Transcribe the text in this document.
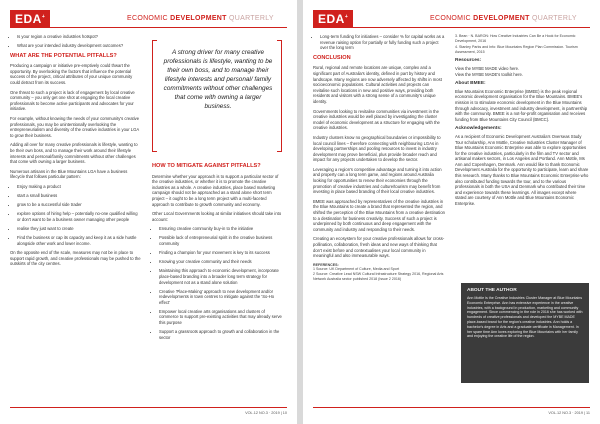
EDA+	ECONOMIC DEVELOPMENT QUARTERLY
• Is your region a creative industries hotspot?
• What are your intended industry development outcomes?
WHAT ARE THE POTENTIAL PITFALLS?

Producing a campaign or initiative pre-emptively could thwart the opportunity. By overlooking the factors that influence the potential success of the project, critical attributes of your unique community could detract from its success.

One threat to such a project is lack of engagement by local creative community – you only get one shot at engaging the local creative professionals to become active participants and advocates for your initiative.

For example, without knowing the needs of your community's creative professionals, you may be unintentionally overlooking the entrepreneurialism and diversity of the creative industries in your LGA to grow their business.

Adding all over for many creative professionals is lifestyle, wanting to be their own boss, and to manage their work around their lifestyle interests and personal/family commitments without other challenges that come with owning a larger business.

Numerous artisans in the Blue Mountains LGA have a business lifecycle that follows particular pattern:

• Enjoy making a product
• start a small business
• grow to be a successful side trader
• explore options of hiring help – potentially no-one qualified willing or don't want to be a business owner managing other people
• realise they just want to create
• Find the business or cap its capacity and keep it as a side hustle alongside other work and lower income.

On the opposite end of the scale, measures may not be in place to support rapid growth, and creative professionals may be pushed to the outskirts of the city centres.

A strong driver for many creative professionals is lifestyle, wanting to be their own boss, and to manage their lifestyle interests and personal/ family commitments without other challenges that come with owning a larger business.
HOW TO MITIGATE AGAINST PITFALLS?

Determine whether your approach is to support a particular sector of the creative industries, or whether it is to promote the creative industries as a whole. A creative industries, place based marketing campaign should not be approached as a stand alone short term project – it ought to be a long term project with a multi-faceted approach to contribute to growth community and economy.

Other Local Governments looking at similar initiatives should take into account:

• Ensuring creative community buy-in to the initiative
• Possible lack of entrepreneurial spirit in the creative business community
• Finding a champion for your movement is key to its success
• Knowing your creative community and their needs
• Maintaining this approach to economic development, incorporate place-based branding into a broader long term strategy for development not as a stand alone solution
• Creative 'Place-Making' approach to new development and/or redevelopments in town centres to mitigate against the 'So-Ho effect'
• Empower local creative arts organisations and clusters of commerce to support pre-existing activities that may already serve this purpose
• Support a grassroots approach to growth and collaboration in the sector
VOL.12 NO.3 · 2019 | 10
EDA+	ECONOMIC DEVELOPMENT QUARTERLY
• Long-term funding for initiatives – consider % for capital works as a revenue raising option for partially or fully funding such a project over the long term
CONCLUSION

Rural, regional and remote locations are unique, complex and a significant part of Australia's identity, defined in part by history and landscape. Many regions are now adversely affected by shifts in most socioeconomic populations. Cultural activities and projects can revitalise such locations in new and positive ways, providing both residents and visitors with a strong sense of a community's unique identity.

Governments looking to revitalise communities via investment in the creative industries would be well placed by investigating the cluster model of economic development as a structure for engaging with the creative industries.

Industry clusters know no geographical boundaries or impossibility to local council lines – therefore connecting with neighbouring LGAs in developing partnerships and pooling resources to invest in industry development may prove beneficial, plus provide broader reach and impact for any projects undertaken to develop the sector.

Leveraging a region's competitive advantage and turning it into action and property can a long term game, and regions around Australia looking for opportunities to renew their economies through the promotion of creative industries and culture/tourism may benefit from investing in place based branding of their local creative industries.

BMEE was approached by representatives of the creative industries in the Blue Mountains to create a brand that represented the region, and shifted the perception of the Blue Mountains from a creative destination to a destination for business creativity. Success of such a project is underpinned by both continuous and deep engagement with the community and industry and responding to their needs.

Creating an ecosystem for your creative professionals allows for cross-pollination, collaboration, fresh ideas and new ways of thinking that don't exist before and contextualises your local community in meaningful and also immeasurable ways.

REFERENCES:
1 Source: UK Department of Culture, Media and Sport
2 Source: Creative Lead NSW Cultural Infrastructure Strategy 2016, Regional Arts Network Australia sector published 2018 (Issue 2 2016)
3. Bean · N. BARON: How Creative Industries Can Be a Hook for Economic Development, 2016
4. Stanley Parks and Info: Blue Mountains Region Plan Commission. Tourism Assessment, 2015
Resources:
View the MYBE MADE video here.
View the MYBE MADE's toolkit here.
About BMEE:

Blue Mountains Economic Enterprise (BMEE) is the peak regional economic development organisation for the Blue Mountains. BMEE's mission is to stimulate economic development in the Blue Mountains through advocacy, investment and industry development, in partnership with the community. BMEE is a not-for-profit organisation and receives funding from Blue Mountains City Council (BMCC).

Acknowledgements:

As a recipient of Economic Development Australia's Overseas Study Tour scholarship, Ann Mottle, Creative Industries Cluster Manager of Blue Mountains Economic Enterprise was able to explore opportunities for the creative industries, particularly in the film and TV sector and artisanal makers sectors, in Los Angeles and Portland. Ann Mottle, Ms Ann and Copenhagen, Denmark. Ann would like to thank Economic Development Australia for the opportunity to participate, learn and share this research. Many thanks to Blue Mountains Economic Enterprise who also contributed funding towards the tour, and to the various professionals in both the USA and Denmark who contributed their time and experience towards these learnings. All images except where stated are courtesy of Ann Mottle and Blue Mountains Economic Enterprise.

ABOUT THE AUTHOR
Ann Mottle is the Creative Industries Cluster Manager at Blue Mountains Economic Enterprise. Ann has extensive experience in the creative industries, with a background in production, marketing and community engagement. Since commencing in the role in 2016 she has worked with hundreds of creative professionals and developed the MYBE MADE place-based brand for the region's creative industries. Ann holds a bachelor's degree in Arts and a graduate certificate in Management. In her spare time Ann loves exploring the Blue Mountains with her family and enjoying the creative life of the region.
VOL.12 NO.3 · 2019 | 11
